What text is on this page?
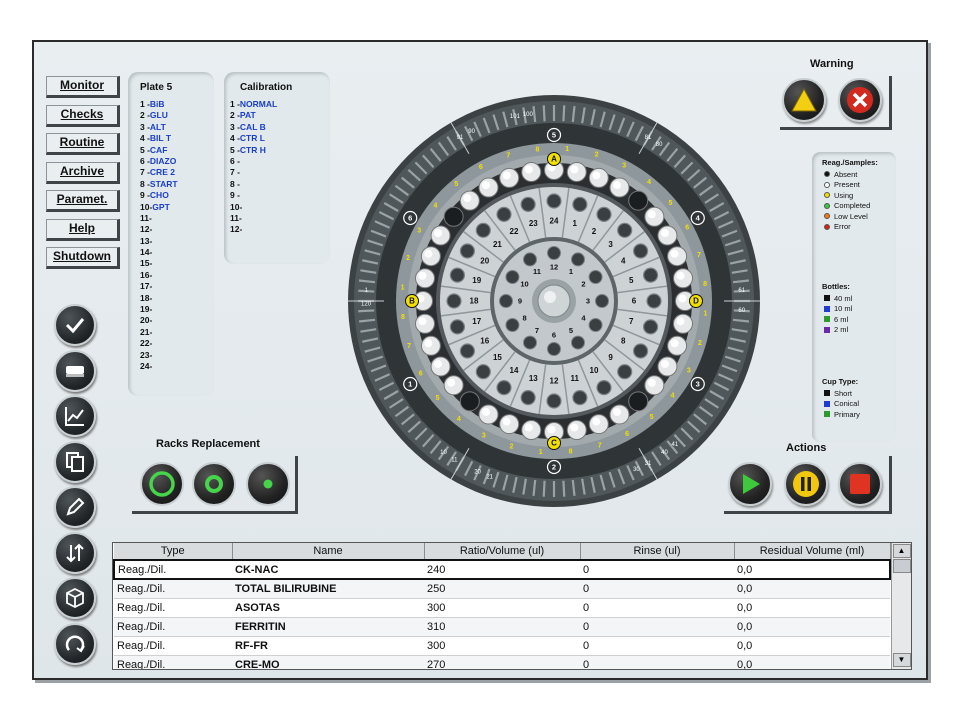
Monitor
Checks
Routine
Archive
Paramet.
Help
Shutdown
Plate 5
1 -BiB
2 -GLU
3 -ALT
4 -BIL T
5 -CAF
6 -DIAZO
7 -CRE 2
8 -START
9 -CHO
10-GPT
11-
12-
13-
14-
15-
16-
17-
18-
19-
20-
21-
22-
23-
24-
Calibration
1 -NORMAL
2 -PAT
3 -CAL B
4 -CTR L
5 -CTR H
6 -
7 -
8 -
9 -
10-
11-
12-
120
1	61
60
11
10
21
20
31
30
41
40
81
80
91
90
101 100
1
2
3
4
5
6
1
2
3
4
5
6
7
8
1
2
3
4
5
6
7
8
1
2
3
4
5
6
7
8
1
2
3
4
5
6
7
8
A
B
C
D
24 1
2
3
4
5
6
7
8
9
10
11
12
13
14
15
16
17
18
19
20
21
22
23
12
1
2
3
4
5
6
7
8
9
10
11
Warning
Reag./Samples:
Absent
Present
Using
Completed
Low Level
Error
Bottles:
40 ml
10 ml
6 ml
2 ml
Cup Type:
Short
Conical
Primary
Racks Replacement	Actions
Type	Name	Ratio/Volume (ul)	Rinse (ul)	Residual Volume (ml)
Reag./Dil.	CK-NAC	240	0	0,0
Reag./Dil.	TOTAL BILIRUBINE	250	0	0,0
Reag./Dil.	ASOTAS	300	0	0,0
Reag./Dil.	FERRITIN	310	0	0,0
Reag./Dil.	RF-FR	300	0	0,0
Reag./Dil.	CRE-MO	270	0	0,0
▲
▼
